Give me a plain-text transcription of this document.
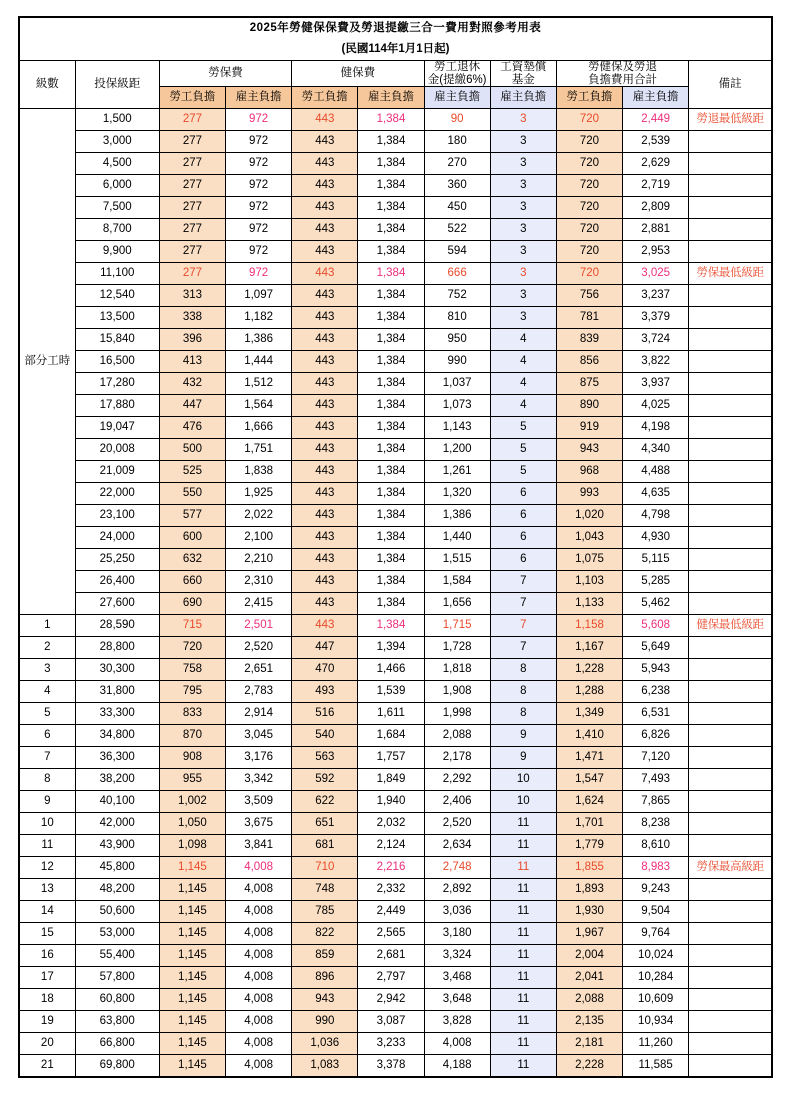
2025年勞健保保費及勞退提繳三合一費用對照參考用表										
(民國114年1月1日起)										
級數	投保級距	勞保費	健保費	
勞工退休
金(提繳6%)

工資墊償
基金

勞健保及勞退
負擔費用合計	備註
		勞工負擔	雇主負擔	勞工負擔	雇主負擔	雇主負擔	雇主負擔	勞工負擔	雇主負擔	
部分工時	1,500	277	972	443	1,384	90	3	720	2,449	勞退最低級距
	3,000	277	972	443	1,384	180	3	720	2,539	
	4,500	277	972	443	1,384	270	3	720	2,629	
	6,000	277	972	443	1,384	360	3	720	2,719	
	7,500	277	972	443	1,384	450	3	720	2,809	
	8,700	277	972	443	1,384	522	3	720	2,881	
	9,900	277	972	443	1,384	594	3	720	2,953	
	11,100	277	972	443	1,384	666	3	720	3,025	勞保最低級距
	12,540	313	1,097	443	1,384	752	3	756	3,237	
	13,500	338	1,182	443	1,384	810	3	781	3,379	
	15,840	396	1,386	443	1,384	950	4	839	3,724	
	16,500	413	1,444	443	1,384	990	4	856	3,822	
	17,280	432	1,512	443	1,384	1,037	4	875	3,937	
	17,880	447	1,564	443	1,384	1,073	4	890	4,025	
	19,047	476	1,666	443	1,384	1,143	5	919	4,198	
	20,008	500	1,751	443	1,384	1,200	5	943	4,340	
	21,009	525	1,838	443	1,384	1,261	5	968	4,488	
	22,000	550	1,925	443	1,384	1,320	6	993	4,635	
	23,100	577	2,022	443	1,384	1,386	6	1,020	4,798	
	24,000	600	2,100	443	1,384	1,440	6	1,043	4,930	
	25,250	632	2,210	443	1,384	1,515	6	1,075	5,115	
	26,400	660	2,310	443	1,384	1,584	7	1,103	5,285	
	27,600	690	2,415	443	1,384	1,656	7	1,133	5,462	
1	28,590	715	2,501	443	1,384	1,715	7	1,158	5,608	健保最低級距
2	28,800	720	2,520	447	1,394	1,728	7	1,167	5,649	
3	30,300	758	2,651	470	1,466	1,818	8	1,228	5,943	
4	31,800	795	2,783	493	1,539	1,908	8	1,288	6,238	
5	33,300	833	2,914	516	1,611	1,998	8	1,349	6,531	
6	34,800	870	3,045	540	1,684	2,088	9	1,410	6,826	
7	36,300	908	3,176	563	1,757	2,178	9	1,471	7,120	
8	38,200	955	3,342	592	1,849	2,292	10	1,547	7,493	
9	40,100	1,002	3,509	622	1,940	2,406	10	1,624	7,865	
10	42,000	1,050	3,675	651	2,032	2,520	11	1,701	8,238	
11	43,900	1,098	3,841	681	2,124	2,634	11	1,779	8,610	
12	45,800	1,145	4,008	710	2,216	2,748	11	1,855	8,983	勞保最高級距
13	48,200	1,145	4,008	748	2,332	2,892	11	1,893	9,243	
14	50,600	1,145	4,008	785	2,449	3,036	11	1,930	9,504	
15	53,000	1,145	4,008	822	2,565	3,180	11	1,967	9,764	
16	55,400	1,145	4,008	859	2,681	3,324	11	2,004	10,024	
17	57,800	1,145	4,008	896	2,797	3,468	11	2,041	10,284	
18	60,800	1,145	4,008	943	2,942	3,648	11	2,088	10,609	
19	63,800	1,145	4,008	990	3,087	3,828	11	2,135	10,934	
20	66,800	1,145	4,008	1,036	3,233	4,008	11	2,181	11,260	
21	69,800	1,145	4,008	1,083	3,378	4,188	11	2,228	11,585	
